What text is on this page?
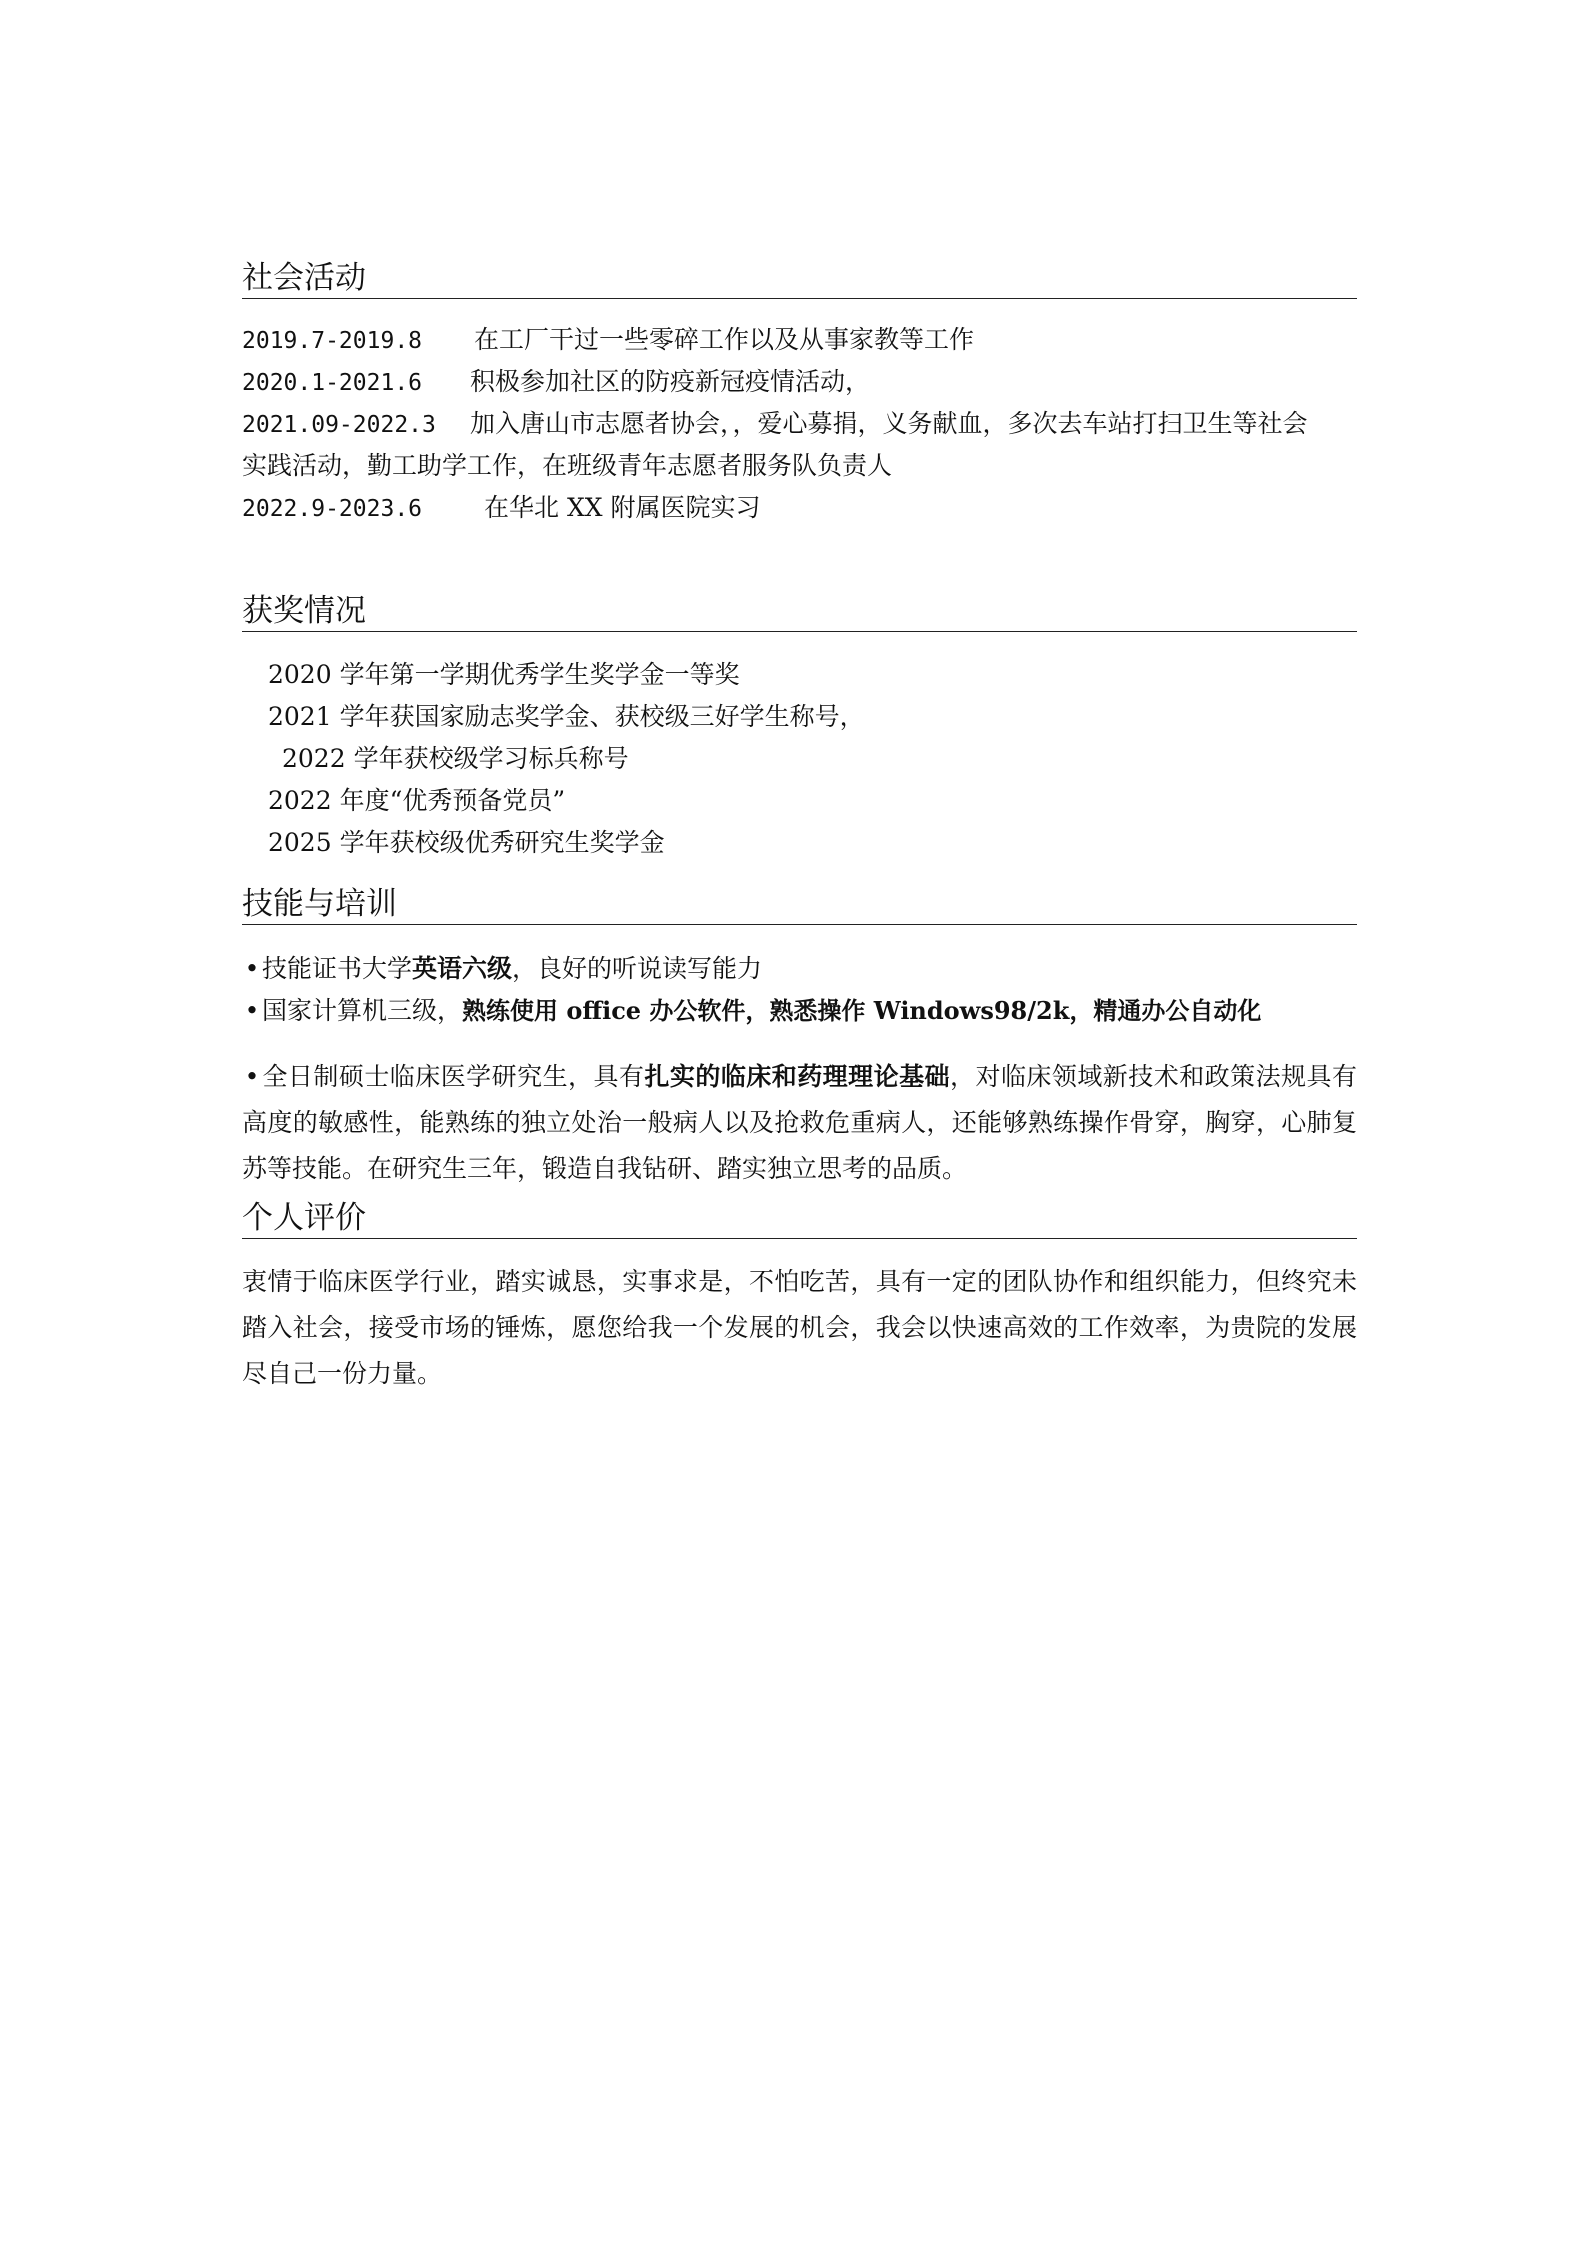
社会活动
2019.7-2019.8 在工厂干过一些零碎工作以及从事家教等工作
2020.1-2021.6 积极参加社区的防疫新冠疫情活动，
2021.09-2022.3 加入唐山市志愿者协会，，爱心募捐，义务献血，多次去车站打扫卫生等社会
实践活动，勤工助学工作，在班级青年志愿者服务队负责人
2022.9-2023.6 在华北 XX 附属医院实习
获奖情况
2020 学年第一学期优秀学生奖学金一等奖
2021 学年获国家励志奖学金、获校级三好学生称号，
2022 学年获校级学习标兵称号
2022 年度“优秀预备党员”
2025 学年获校级优秀研究生奖学金
技能与培训
• 技能证书大学英语六级，良好的听说读写能力
• 国家计算机三级，熟练使用 office 办公软件，熟悉操作 Windows98/2k，精通办公自动化
• 全日制硕士临床医学研究生，具有扎实的临床和药理理论基础，对临床领域新技术和政策法规具有高度的敏感性，能熟练的独立处治一般病人以及抢救危重病人，还能够熟练操作骨穿，胸穿，心肺复苏等技能。在研究生三年，锻造自我钻研、踏实独立思考的品质。
个人评价
衷情于临床医学行业，踏实诚恳，实事求是，不怕吃苦，具有一定的团队协作和组织能力，但终究未踏入社会，接受市场的锤炼，愿您给我一个发展的机会，我会以快速高效的工作效率，为贵院的发展尽自己一份力量。
